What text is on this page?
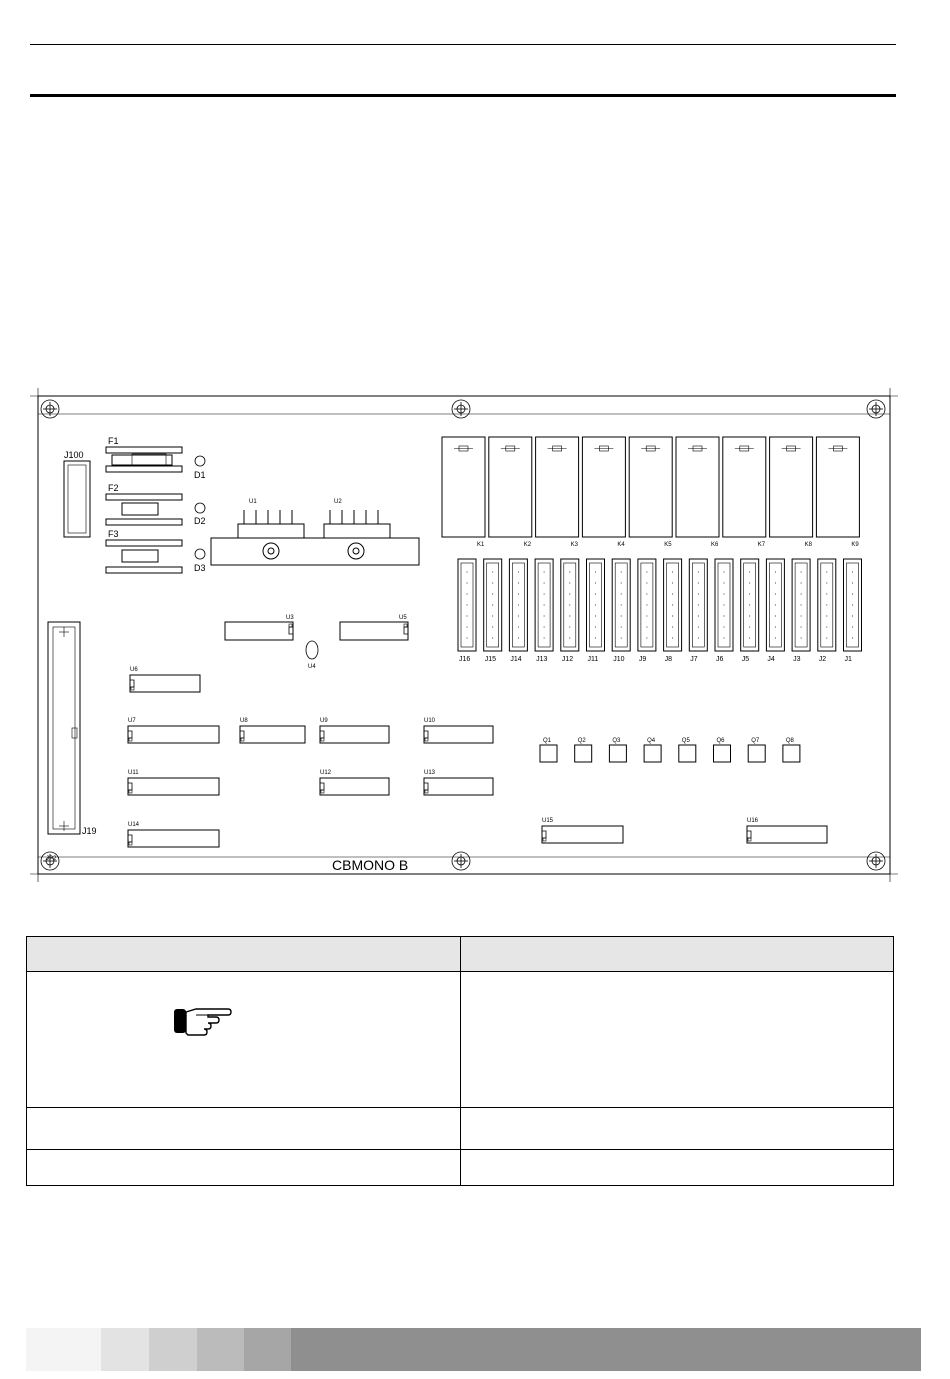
J100
F1
F2
F3
D1
D2
D3
U1	U2
K1	K2	K3	K4	K5	K6	K7	K8	K9
J16 J15 J14 J13 J12 J11 J10 J9	J8	J7	J6	J5	J4	J3	J2	J1
J19
JP2
U3	U5
U6
U7	U8	U9	U10
U11	U12	U13
U14
U15	U16
U4
Q1	Q2	Q3	Q4	Q5	Q6	Q7	Q8
CBMONO B
